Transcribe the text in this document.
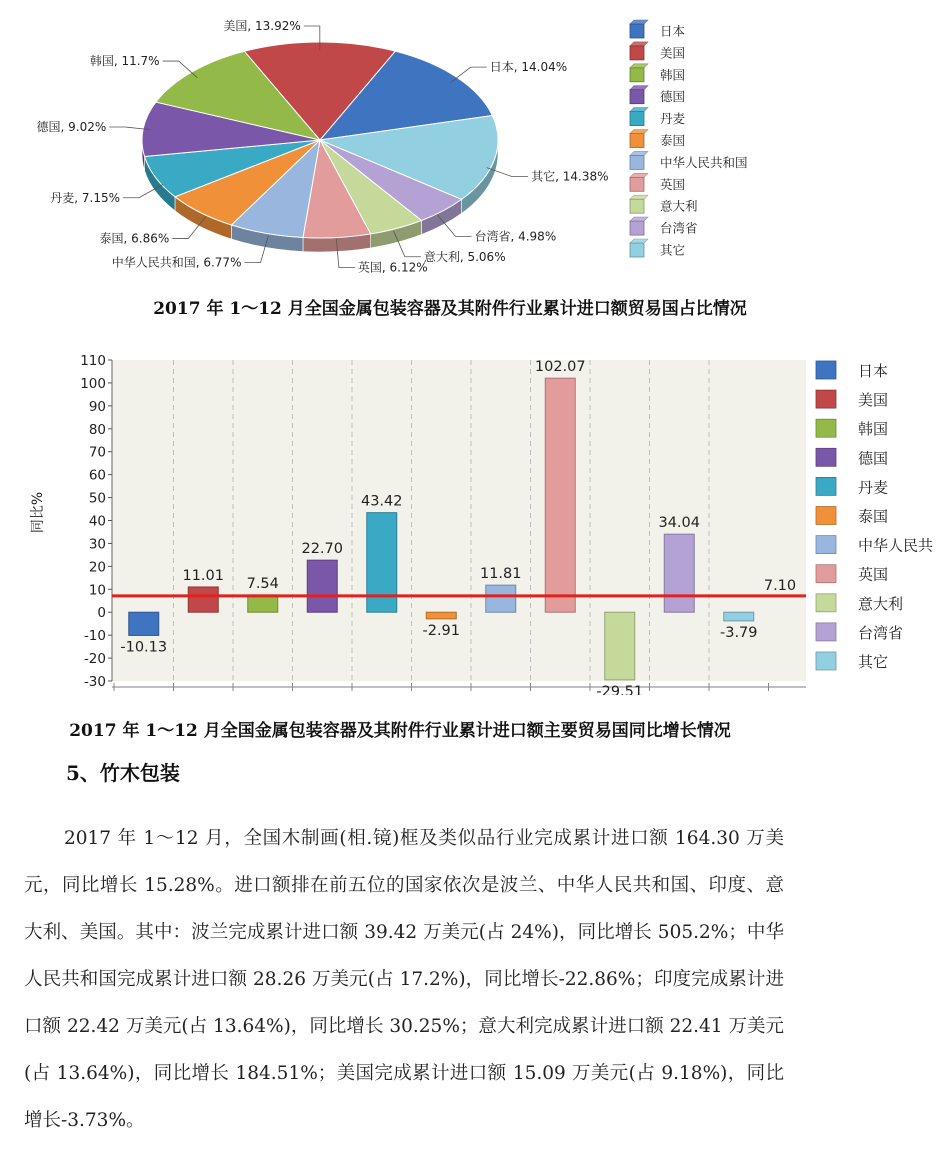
日本, 14.04%
其它, 14.38%
台湾省, 4.98%
意大利, 5.06%
英国, 6.12%
中华人民共和国, 6.77%
泰国, 6.86%
丹麦, 7.15%
德国, 9.02%
韩国, 11.7%
美国, 13.92%	日本
美国
韩国
德国
丹麦
泰国
中华人民共和国
英国
意大利
台湾省
其它
2017 年 1～12 月全国金属包装容器及其附件行业累计进口额贸易国占比情况
110
100
90
80
70
60
50
40
30
20
10
0
-10
-20
-30
同比%
-10.13
11.01 7.54
22.70
43.42
-2.91
11.81
102.07
-29.51
34.04
-3.79
7.10
日本
美国
韩国
德国
丹麦
泰国
中华人民共
英国
意大利
台湾省
其它
2017 年 1～12 月全国金属包装容器及其附件行业累计进口额主要贸易国同比增长情况
5、竹木包装

2017 年 1～12 月，全国木制画(相.镜)框及类似品行业完成累计进口额 164.30 万美元，同比增长 15.28%。进口额排在前五位的国家依次是波兰、中华人民共和国、印度、意大利、美国。其中：波兰完成累计进口额 39.42 万美元(占 24%)，同比增长 505.2%；中华人民共和国完成累计进口额 28.26 万美元(占 17.2%)，同比增长-22.86%；印度完成累计进口额 22.42 万美元(占 13.64%)，同比增长 30.25%；意大利完成累计进口额 22.41 万美元(占 13.64%)，同比增长 184.51%；美国完成累计进口额 15.09 万美元(占 9.18%)，同比增长-3.73%。
